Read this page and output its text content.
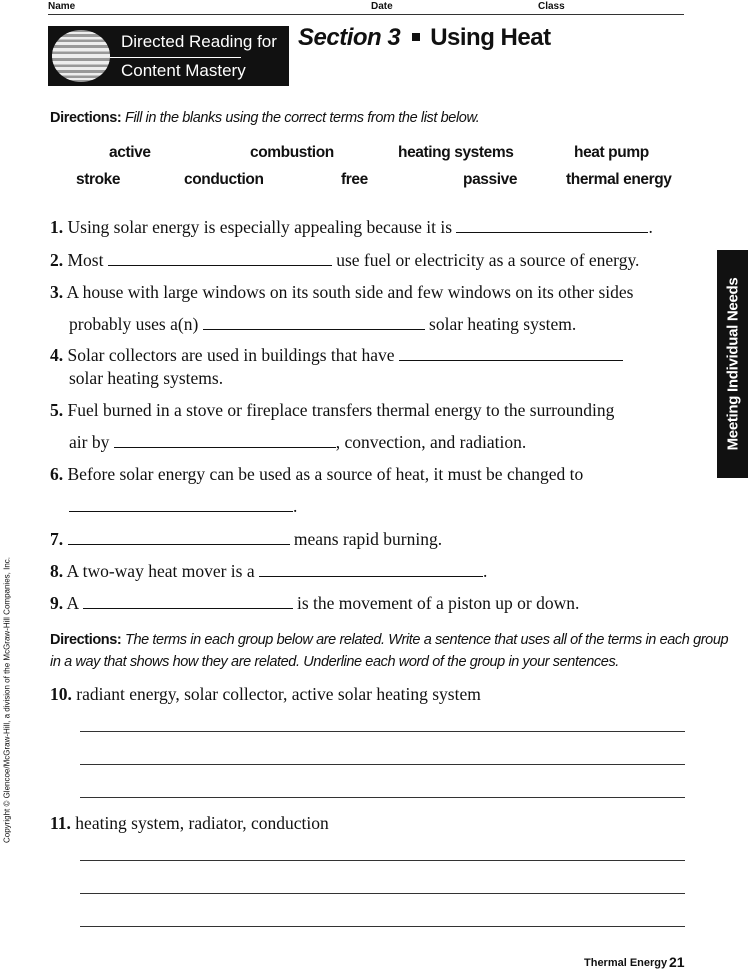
Name	Date	Class
Directed Reading for
Content Mastery
Section 3 Using Heat
Directions: Fill in the blanks using the correct terms from the list below.
active	combustion	heating systems	heat pump
stroke	conduction	free	passive	thermal energy
1. Using solar energy is especially appealing because it is	.
2. Most	use fuel or electricity as a source of energy.
3. A house with large windows on its south side and few windows on its other sides
probably uses a(n)	solar heating system.
4. Solar collectors are used in buildings that have
solar heating systems.
5. Fuel burned in a stove or fireplace transfers thermal energy to the surrounding
air by	, convection, and radiation.
6. Before solar energy can be used as a source of heat, it must be changed to
.
7.	means rapid burning.
8. A two-way heat mover is a	.
9. A	is the movement of a piston up or down.
Directions: The terms in each group below are related. Write a sentence that uses all of the terms in each group
in a way that shows how they are related. Underline each word of the group in your sentences.
10. radiant energy, solar collector, active solar heating system
11. heating system, radiator, conduction
Meeting Individual Needs
Copyright © Glencoe/McGraw-Hill, a division of the McGraw-Hill Companies, Inc.
Thermal Energy 21
